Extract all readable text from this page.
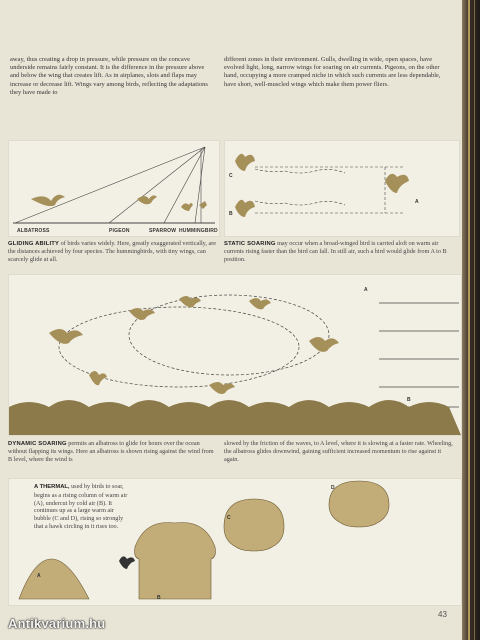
away, thus creating a drop in pressure, while pressure on the concave underside remains fairly constant. It is the difference in the pressure above and below the wing that creates lift. As in airplanes, slots and flaps may increase or decrease lift. Wings vary among birds, reflecting the adaptations they have made to
different zones in their environment. Gulls, dwelling in wide, open spaces, have evolved light, long, narrow wings for soaring on air currents. Pigeons, on the other hand, occupying a more cramped niche in which such currents are less dependable, have short, well-muscled wings which make them power fliers.
ALBATROSS	PIGEON	SPARROW HUMMINGBIRD
GLIDING ABILITY of birds varies widely. Here, greatly exaggerated vertically, are the distances achieved by four species. The hummingbirds, with tiny wings, can scarcely glide at all.
C
B
A
STATIC SOARING may occur when a broad-winged bird is carried aloft on warm air currents rising faster than the bird can fall. In still air, such a bird would glide from A to B position.
A
B
DYNAMIC SOARING permits an albatross to glide for hours over the ocean without flapping its wings. Here an albatross is shown rising against the wind from B level, where the wind is
slowed by the friction of the waves, to A level, where it is slowing at a faster rate. Wheeling, the albatross glides downwind, gaining sufficient increased momentum to rise against it again.
A
B
C
D
A THERMAL, used by birds to soar, begins as a rising column of warm air (A), undercut by cold air (B). It continues up as a large warm air bubble (C and D), rising so strongly that a hawk circling in it rises too.
43
Antikvarium.hu
